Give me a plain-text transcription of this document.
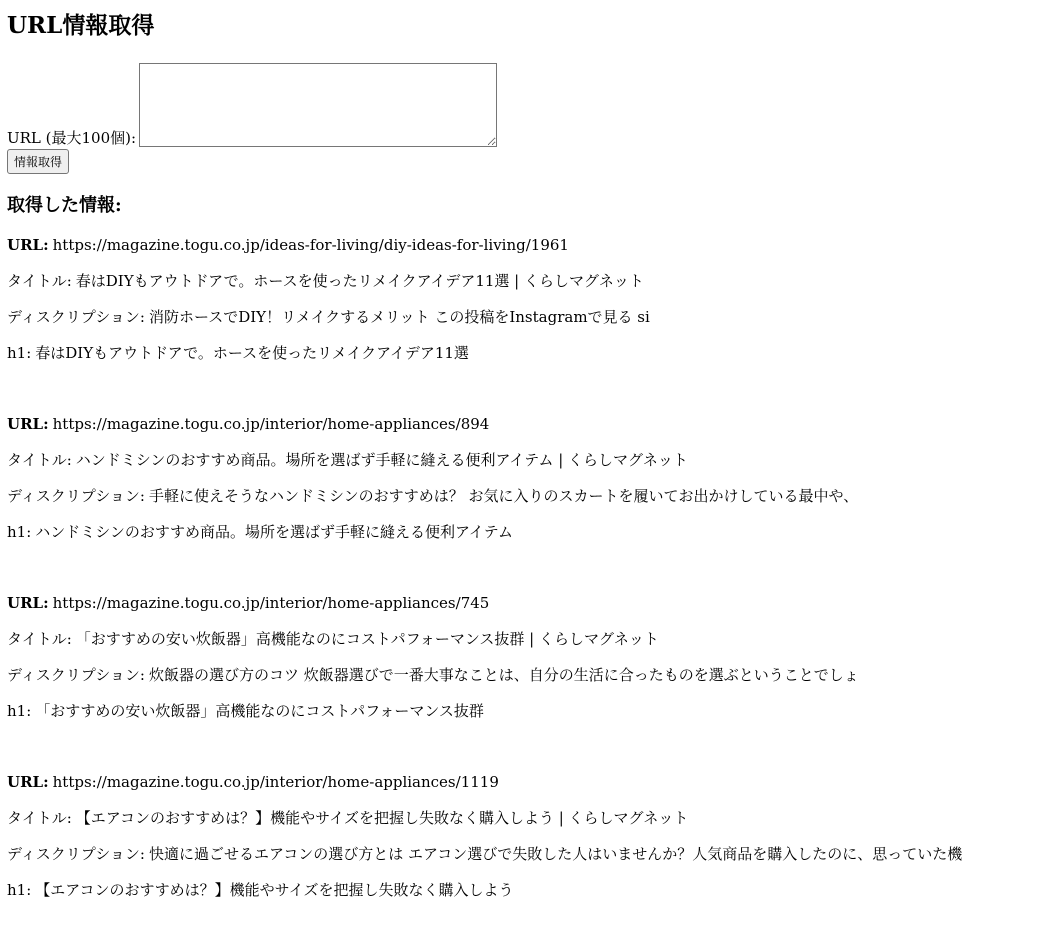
URL情報取得
URL (最大100個):
情報取得
取得した情報:
URL: https://magazine.togu.co.jp/ideas-for-living/diy-ideas-for-living/1961
タイトル: 春はDIYもアウトドアで。ホースを使ったリメイクアイデア11選 | くらしマグネット
ディスクリプション: 消防ホースでDIY！リメイクするメリット この投稿をInstagramで見る si
h1: 春はDIYもアウトドアで。ホースを使ったリメイクアイデア11選
URL: https://magazine.togu.co.jp/interior/home-appliances/894
タイトル: ハンドミシンのおすすめ商品。場所を選ばず手軽に縫える便利アイテム | くらしマグネット
ディスクリプション: 手軽に使えそうなハンドミシンのおすすめは？ お気に入りのスカートを履いてお出かけしている最中や、
h1: ハンドミシンのおすすめ商品。場所を選ばず手軽に縫える便利アイテム
URL: https://magazine.togu.co.jp/interior/home-appliances/745
タイトル: 「おすすめの安い炊飯器」高機能なのにコストパフォーマンス抜群 | くらしマグネット
ディスクリプション: 炊飯器の選び方のコツ 炊飯器選びで一番大事なことは、自分の生活に合ったものを選ぶということでしょ
h1: 「おすすめの安い炊飯器」高機能なのにコストパフォーマンス抜群
URL: https://magazine.togu.co.jp/interior/home-appliances/1119
タイトル: 【エアコンのおすすめは？】機能やサイズを把握し失敗なく購入しよう | くらしマグネット
ディスクリプション: 快適に過ごせるエアコンの選び方とは エアコン選びで失敗した人はいませんか？人気商品を購入したのに、思っていた機
h1: 【エアコンのおすすめは？】機能やサイズを把握し失敗なく購入しよう
